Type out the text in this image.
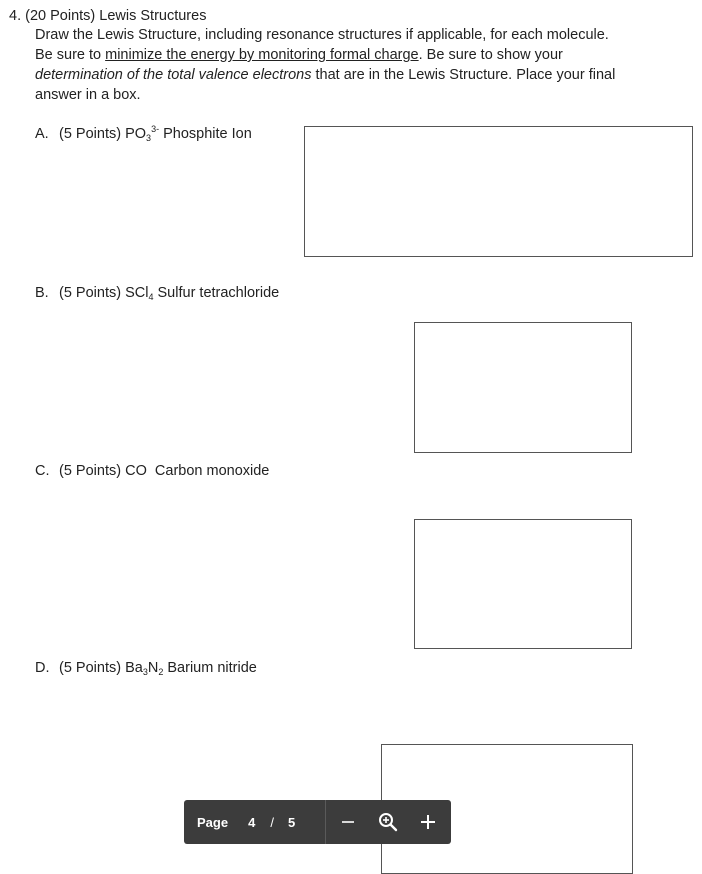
4. (20 Points) Lewis Structures

Draw the Lewis Structure, including resonance structures if applicable, for each molecule.

Be sure to minimize the energy by monitoring formal charge. Be sure to show your

determination of the total valence electrons that are in the Lewis Structure. Place your final

answer in a box.

A. (5 Points) $PO_3^{3-}$ Phosphite Ion
B. (5 Points) SCl$_4$ Sulfur tetrachloride
C. (5 Points) CO Carbon monoxide
D. (5 Points) $Ba_3N_2$ Barium nitride
Page 4 / 5
